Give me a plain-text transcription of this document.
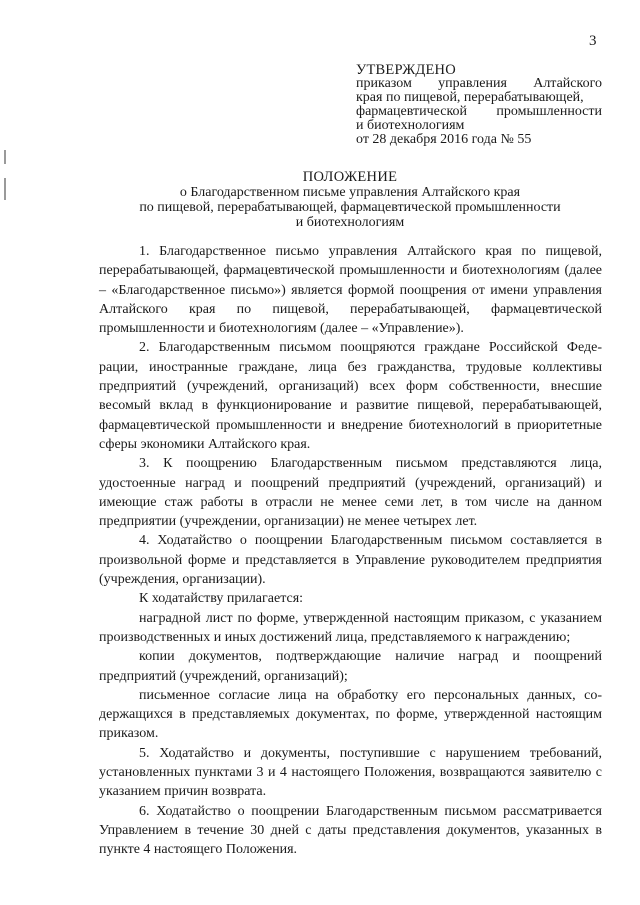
3
УТВЕРЖДЕНО
приказом управления Алтайского
края по пищевой, перерабатывающей,
фармацевтической промышленности
и биотехнологиям
от 28 декабря 2016 года № 55
ПОЛОЖЕНИЕ
о Благодарственном письме управления Алтайского края
по пищевой, перерабатывающей, фармацевтической промышленности
и биотехнологиям

1. Благодарственное письмо управления Алтайского края по пищевой, перерабатывающей, фармацевтической промышленности и биотехнологиям (далее – «Благодарственное письмо») является формой поощрения от имени управления Алтайского края по пищевой, перерабатывающей, фармацевтической промышленности и биотехнологиям (далее – «Управление»).

2. Благодарственным письмом поощряются граждане Российской Федерации, иностранные граждане, лица без гражданства, трудовые коллективы предприятий (учреждений, организаций) всех форм собственности, внесшие весомый вклад в функционирование и развитие пищевой, перерабатывающей, фармацевтической промышленности и внедрение биотехнологий в приоритетные сферы экономики Алтайского края.

3. К поощрению Благодарственным письмом представляются лица, удостоенные наград и поощрений предприятий (учреждений, организаций) и имеющие стаж работы в отрасли не менее семи лет, в том числе на данном предприятии (учреждении, организации) не менее четырех лет.

4. Ходатайство о поощрении Благодарственным письмом составляется в произвольной форме и представляется в Управление руководителем предприятия (учреждения, организации).

К ходатайству прилагается:

наградной лист по форме, утвержденной настоящим приказом, с указанием производственных и иных достижений лица, представляемого к награждению;

копии документов, подтверждающие наличие наград и поощрений предприятий (учреждений, организаций);

письменное согласие лица на обработку его персональных данных, содержащихся в представляемых документах, по форме, утвержденной настоящим приказом.

5. Ходатайство и документы, поступившие с нарушением требований, установленных пунктами 3 и 4 настоящего Положения, возвращаются заявителю с указанием причин возврата.

6. Ходатайство о поощрении Благодарственным письмом рассматривается Управлением в течение 30 дней с даты представления документов, указанных в пункте 4 настоящего Положения.
